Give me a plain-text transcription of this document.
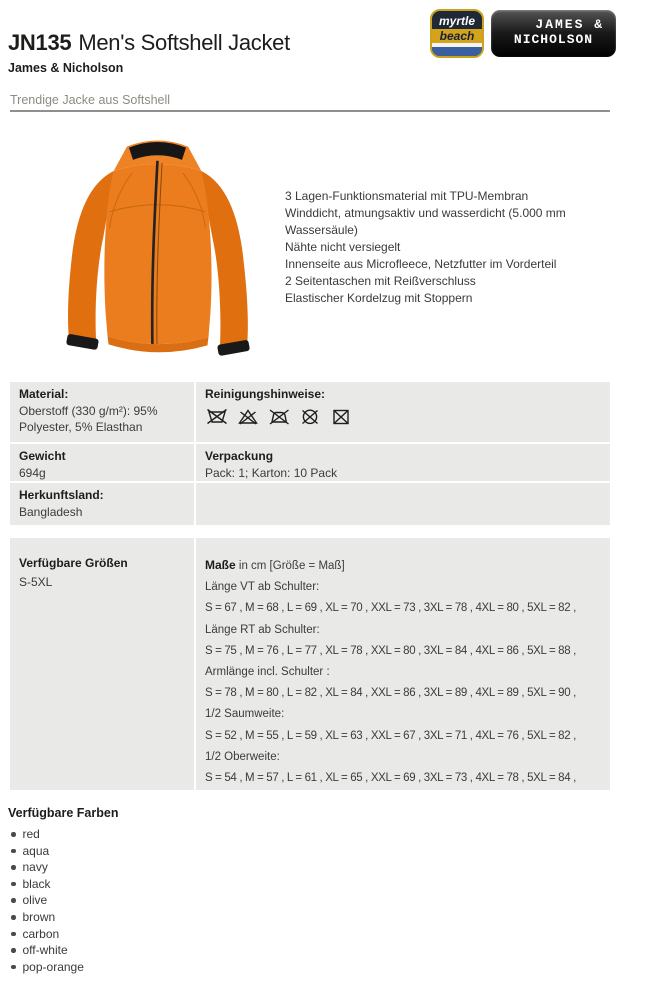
JN135 Men's Softshell Jacket
James & Nicholson
myrtle
beach
JAMES &
NICHOLSON
Trendige Jacke aus Softshell
3 Lagen-Funktionsmaterial mit TPU-Membran
Winddicht, atmungsaktiv und wasserdicht (5.000 mm
Wassersäule)
Nähte nicht versiegelt
Innenseite aus Microfleece, Netzfutter im Vorderteil
2 Seitentaschen mit Reißverschluss
Elastischer Kordelzug mit Stoppern
Material:
Oberstoff (330 g/m²): 95%
Polyester, 5% Elasthan
Reinigungshinweise:
Gewicht
694g
Verpackung
Pack: 1; Karton: 10 Pack
Herkunftsland:
Bangladesh
Verfügbare Größen
S-5XL
Maße in cm [Größe = Maß]
Länge VT ab Schulter:
S = 67 , M = 68 , L = 69 , XL = 70 , XXL = 73 , 3XL = 78 , 4XL = 80 , 5XL = 82 ,
Länge RT ab Schulter:
S = 75 , M = 76 , L = 77 , XL = 78 , XXL = 80 , 3XL = 84 , 4XL = 86 , 5XL = 88 ,
Armlänge incl. Schulter :
S = 78 , M = 80 , L = 82 , XL = 84 , XXL = 86 , 3XL = 89 , 4XL = 89 , 5XL = 90 ,
1/2 Saumweite:
S = 52 , M = 55 , L = 59 , XL = 63 , XXL = 67 , 3XL = 71 , 4XL = 76 , 5XL = 82 ,
1/2 Oberweite:
S = 54 , M = 57 , L = 61 , XL = 65 , XXL = 69 , 3XL = 73 , 4XL = 78 , 5XL = 84 ,
Verfügbare Farben
red
aqua
navy
black
olive
brown
carbon
off-white
pop-orange
